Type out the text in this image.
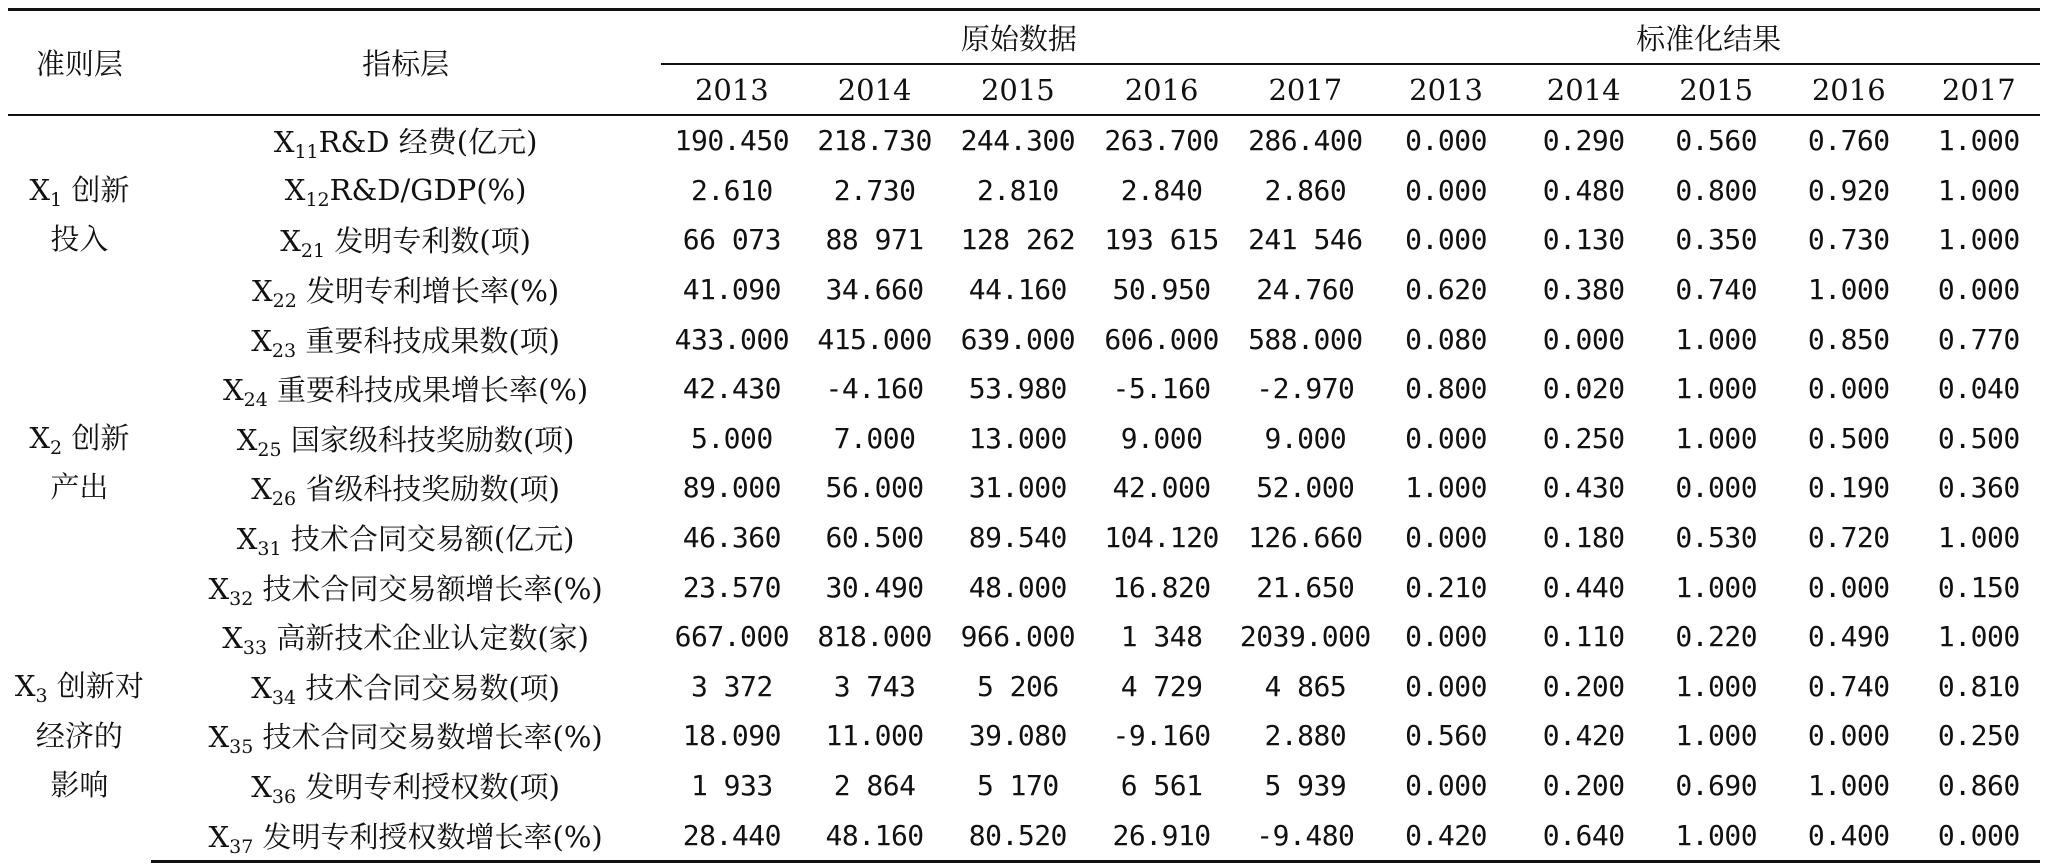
准则层	指标层	原始数据					标准化结果				
		2013	2014	2015	2016	2017	2013	2014	2015	2016	2017

$X_1$ 创新
投入	$X_{11}R\&D$ 经费(亿元)	190.450	218.730	244.300	263.700	286.400	0.000	0.290	0.560	0.760	1.000
	$X_{12}R\&D/GDP(\%)$	2.610	2.730	2.810	2.840	2.860	0.000	0.480	0.800	0.920	1.000
	$X_{21}$ 发明专利数(项)	66 073	88 971	128 262	193 615	241 546	0.000	0.130	0.350	0.730	1.000
	$X_{22}$ 发明专利增长率(%)	41.090	34.660	44.160	50.950	24.760	0.620	0.380	0.740	1.000	0.000

$X_2$ 创新
产出	$X_{23}$ 重要科技成果数(项)	433.000	415.000	639.000	606.000	588.000	0.080	0.000	1.000	0.850	0.770
	$X_{24}$ 重要科技成果增长率(%)	42.430	-4.160	53.980	-5.160	-2.970	0.800	0.020	1.000	0.000	0.040
	$X_{25}$ 国家级科技奖励数(项)	5.000	7.000	13.000	9.000	9.000	0.000	0.250	1.000	0.500	0.500
	$X_{26}$ 省级科技奖励数(项)	89.000	56.000	31.000	42.000	52.000	1.000	0.430	0.000	0.190	0.360
	$X_{31}$ 技术合同交易额(亿元)	46.360	60.500	89.540	104.120	126.660	0.000	0.180	0.530	0.720	1.000
	$X_{32}$ 技术合同交易额增长率(%)	23.570	30.490	48.000	16.820	21.650	0.210	0.440	1.000	0.000	0.150

$X_3$ 创新对
经济的
影响	$X_{33}$ 高新技术企业认定数(家)	667.000	818.000	966.000	1 348	2039.000	0.000	0.110	0.220	0.490	1.000
	$X_{34}$ 技术合同交易数(项)	3 372	3 743	5 206	4 729	4 865	0.000	0.200	1.000	0.740	0.810
	$X_{35}$ 技术合同交易数增长率(%)	18.090	11.000	39.080	-9.160	2.880	0.560	0.420	1.000	0.000	0.250
	$X_{36}$ 发明专利授权数(项)	1 933	2 864	5 170	6 561	5 939	0.000	0.200	0.690	1.000	0.860
	$X_{37}$ 发明专利授权数增长率(%)	28.440	48.160	80.520	26.910	-9.480	0.420	0.640	1.000	0.400	0.000
